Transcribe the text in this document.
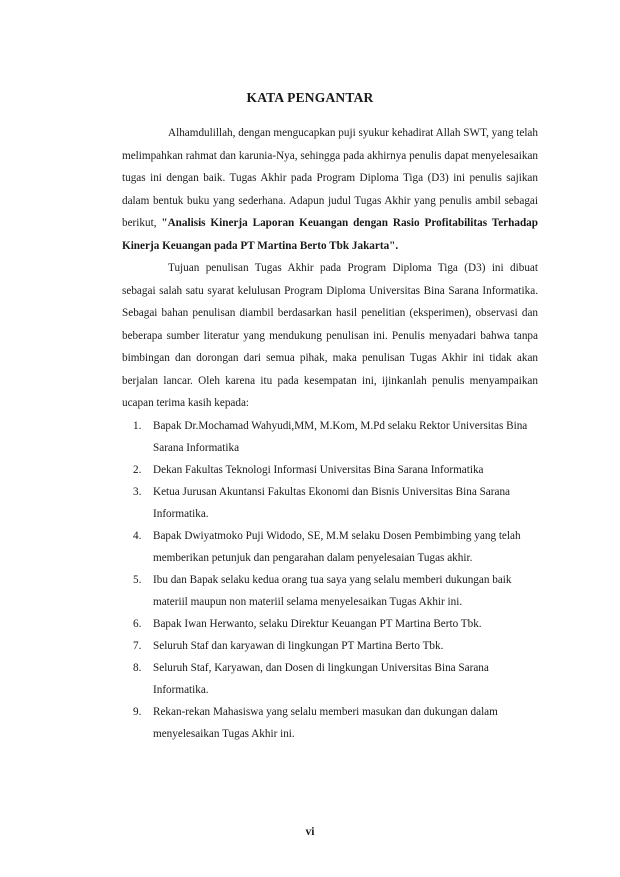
KATA PENGANTAR

Alhamdulillah, dengan mengucapkan puji syukur kehadirat Allah SWT, yang telah melimpahkan rahmat dan karunia-Nya, sehingga pada akhirnya penulis dapat menyelesaikan tugas ini dengan baik. Tugas Akhir pada Program Diploma Tiga (D3) ini penulis sajikan dalam bentuk buku yang sederhana. Adapun judul Tugas Akhir yang penulis ambil sebagai berikut, "Analisis Kinerja Laporan Keuangan dengan Rasio Profitabilitas Terhadap Kinerja Keuangan pada PT Martina Berto Tbk Jakarta".

Tujuan penulisan Tugas Akhir pada Program Diploma Tiga (D3) ini dibuat sebagai salah satu syarat kelulusan Program Diploma Universitas Bina Sarana Informatika. Sebagai bahan penulisan diambil berdasarkan hasil penelitian (eksperimen), observasi dan beberapa sumber literatur yang mendukung penulisan ini. Penulis menyadari bahwa tanpa bimbingan dan dorongan dari semua pihak, maka penulisan Tugas Akhir ini tidak akan berjalan lancar. Oleh karena itu pada kesempatan ini, ijinkanlah penulis menyampaikan ucapan terima kasih kepada:

1. Bapak Dr.Mochamad Wahyudi,MM, M.Kom, M.Pd selaku Rektor Universitas Bina Sarana Informatika
2. Dekan Fakultas Teknologi Informasi Universitas Bina Sarana Informatika
3. Ketua Jurusan Akuntansi Fakultas Ekonomi dan Bisnis Universitas Bina Sarana Informatika.
4. Bapak Dwiyatmoko Puji Widodo, SE, M.M selaku Dosen Pembimbing yang telah memberikan petunjuk dan pengarahan dalam penyelesaian Tugas akhir.
5. Ibu dan Bapak selaku kedua orang tua saya yang selalu memberi dukungan baik materiil maupun non materiil selama menyelesaikan Tugas Akhir ini.
6. Bapak Iwan Herwanto, selaku Direktur Keuangan PT Martina Berto Tbk.
7. Seluruh Staf dan karyawan di lingkungan PT Martina Berto Tbk.
8. Seluruh Staf, Karyawan, dan Dosen di lingkungan Universitas Bina Sarana Informatika.
9. Rekan-rekan Mahasiswa yang selalu memberi masukan dan dukungan dalam menyelesaikan Tugas Akhir ini.
vi
